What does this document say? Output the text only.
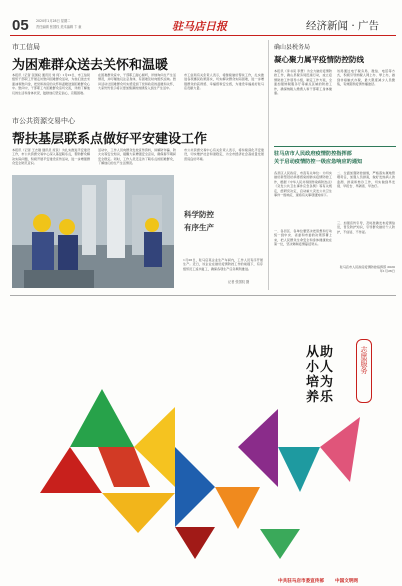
05 2020年1月28日 星期二
责任编辑 张国权 美术编辑 卞 童	驻马店日报	经济新闻 · 广告
市工信局
为困难群众送去关怀和温暖
本报讯（记者 张国权 通讯员 刘 珂）1月22日，市工信局组织干部职工开展走访慰问困难群众活动，为他们送去米面油和慰问金，把党和政府的关怀和温暖送到困难群众心中。慰问中，干部职工与困难群众亲切交流，详细了解他们的生活和身体状况，鼓励他们坚定信心，克服困难。
在困难群众家中，干部职工耐心倾听，详细询问生产生活情况，并叮嘱他们注意身体，有困难及时向组织反映。慰问活动让困难群众切实感受到了党和政府的温暖和关怀，大家纷纷表示将以更加饱满的热情投入到生产生活中。
市工信局有关负责人表示，将继续做好帮扶工作，扎实推进各项惠民政策落实，切实解决群众实际困难，进一步增强群众的获得感、幸福感和安全感，为建设幸福美好驻马店贡献力量。
市公共资源交易中心
帮扶基层联系点做好平安建设工作
本报讯（记者 王志刚 通讯员 庞民）为扎实推进平安建设工作，市公共资源交易中心深入基层联系点，帮助群众解决实际问题，积极开展平安建设宣传活动，进一步增强群众安全防范意识。
活动中，工作人员向群众发放宣传资料，讲解防诈骗、防火灾等安全知识，提醒大家增强安全意识，确保春节期间安全稳定。同时，工作人员还走访了联系点的困难群众，了解他们的生产生活情况。
市公共资源交易中心有关负责人表示，将持续深化平安建设，切实维护社会和谐稳定，为全市经济社会高质量发展营造良好环境。
科学防控
有序生产
1月26日，驻马店某企业生产车间内，工作人员有序开展生产。近日，该企业在做好疫情防控工作的前提下，有序组织员工返岗复工，确保各项生产任务顺利推进。
记者 张国权 摄
确山县税务局
凝心聚力属平疫情防控防线
本报讯（李书亮 李慧）为全力做好疫情防控工作，确山县税务局迅速行动，成立疫情防控工作领导小组，制定工作方案，全面加强纳税服务厅等重点区域的防控工作，确保纳税人缴费人和干部职工身体健康。
该局通过电子税务局、微信、电话等方式，积极引导纳税人网上办、掌上办，做到非接触式办税，最大限度减少人员聚集，有效阻断疫情传播途径。
驻马店市人民政府疫情防控指挥部
关于启动疫情防控一级应急响应的通知
各县区人民政府，市直有关单位：为切实做好新型冠状病毒感染的肺炎疫情防控工作，根据《中华人民共和国传染病防治法》《突发公共卫生事件应急条例》等有关规定，经研究决定，启动重大突发公共卫生事件一级响应，现将有关事项通知如下。
一、各县区、各单位要坚决把思想和行动统一到中央、省委和市委的决策部署上来，把人民群众生命安全和身体健康放在第一位，坚决遏制疫情蔓延势头。
二、全面加强防控措施，严格落实属地管理责任，加强人员排查，做好发热病人的监测、排查和转诊工作，切实做到早发现、早报告、早隔离、早治疗。
三、加强宣传引导，及时准确发布疫情信息，普及防护知识，引导群众做好个人防护，不信谣、不传谣。
驻马店市人民政府疫情防控指挥部 2020年1月26日
从助
小人
培为
养乐
志愿服务
中共驻马店市委宣传部 中国文明网
